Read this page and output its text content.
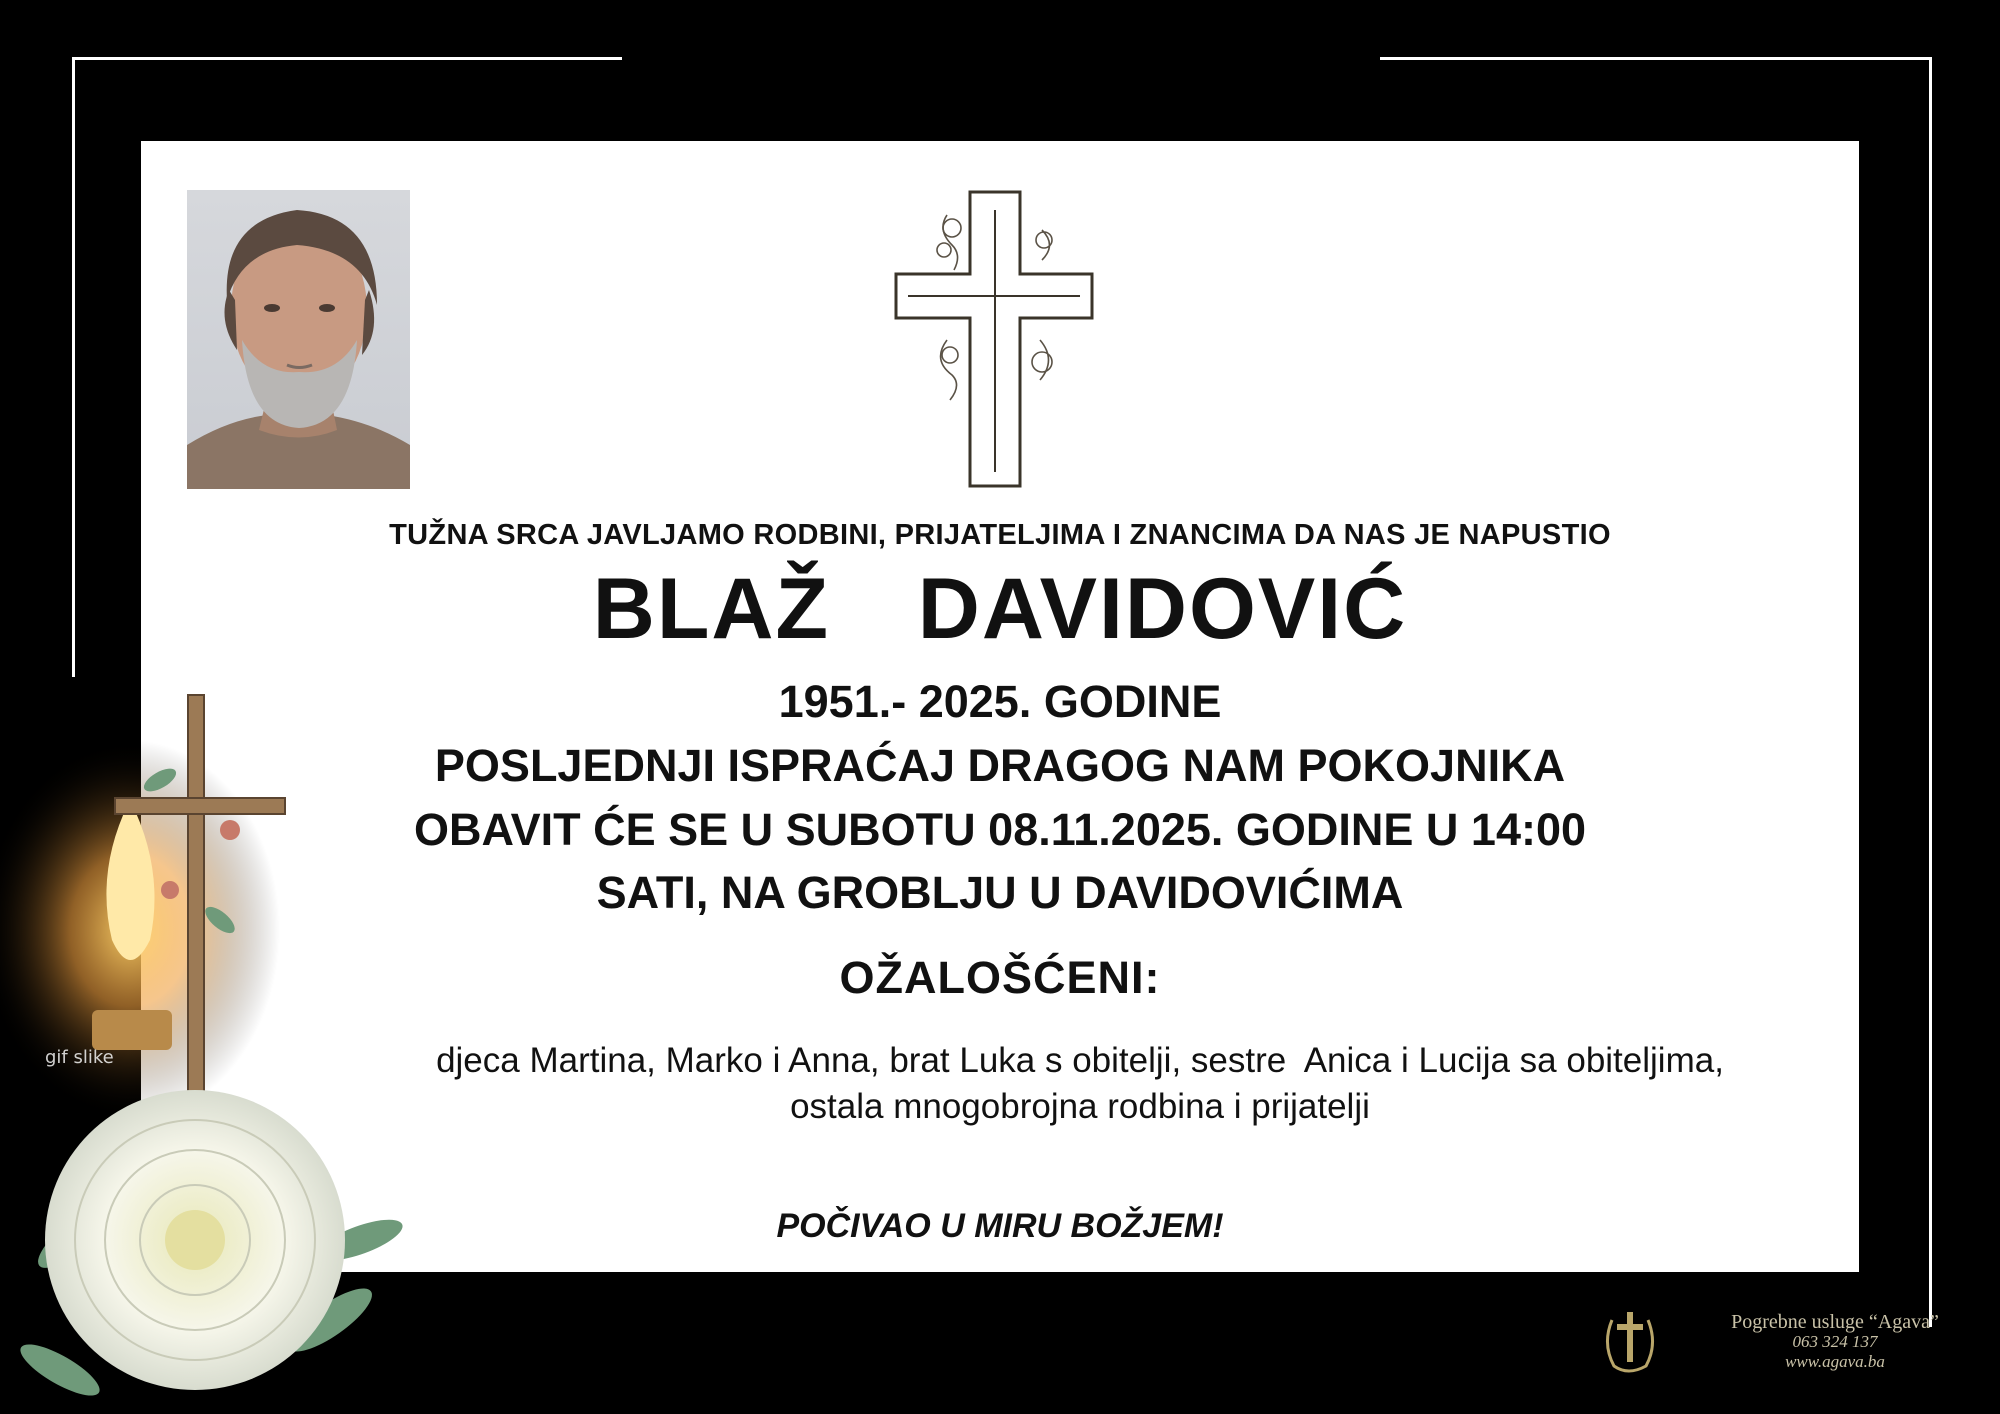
TUŽNA SRCA JAVLJAMO RODBINI, PRIJATELJIMA I ZNANCIMA DA NAS JE NAPUSTIO

BLAŽ  DAVIDOVIĆ

1951.- 2025. GODINE

POSLJEDNJI ISPRAĆAJ DRAGOG NAM POKOJNIKA

OBAVIT ĆE SE U SUBOTU 08.11.2025. GODINE U 14:00

SATI, NA GROBLJU U DAVIDOVIĆIMA

OŽALOŠĆENI:

djeca Martina, Marko i Anna, brat Luka s obitelji, sestre  Anica i Lucija sa obiteljima,

ostala mnogobrojna rodbina i prijatelji

POČIVAO U MIRU BOŽJEM!

gif slike
Pogrebne usluge “Agava”
063 324 137
www.agava.ba
